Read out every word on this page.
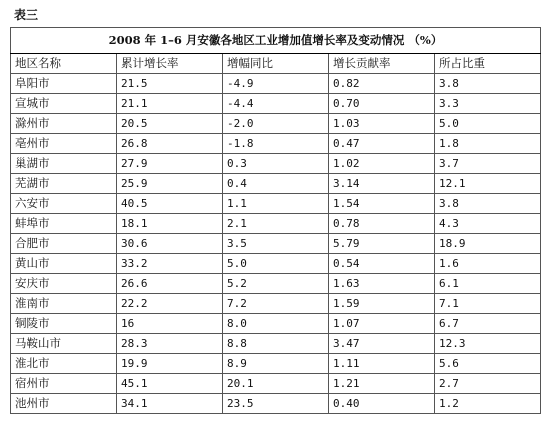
表三
2008 年 1–6 月安徽各地区工业增加值增长率及变动情况 （%）				
地区名称	累计增长率	增幅同比	增长贡献率	所占比重
阜阳市	21.5	-4.9	0.82	3.8
宣城市	21.1	-4.4	0.70	3.3
滁州市	20.5	-2.0	1.03	5.0
亳州市	26.8	-1.8	0.47	1.8
巢湖市	27.9	0.3	1.02	3.7
芜湖市	25.9	0.4	3.14	12.1
六安市	40.5	1.1	1.54	3.8
蚌埠市	18.1	2.1	0.78	4.3
合肥市	30.6	3.5	5.79	18.9
黄山市	33.2	5.0	0.54	1.6
安庆市	26.6	5.2	1.63	6.1
淮南市	22.2	7.2	1.59	7.1
铜陵市	16	8.0	1.07	6.7
马鞍山市	28.3	8.8	3.47	12.3
淮北市	19.9	8.9	1.11	5.6
宿州市	45.1	20.1	1.21	2.7
池州市	34.1	23.5	0.40	1.2
